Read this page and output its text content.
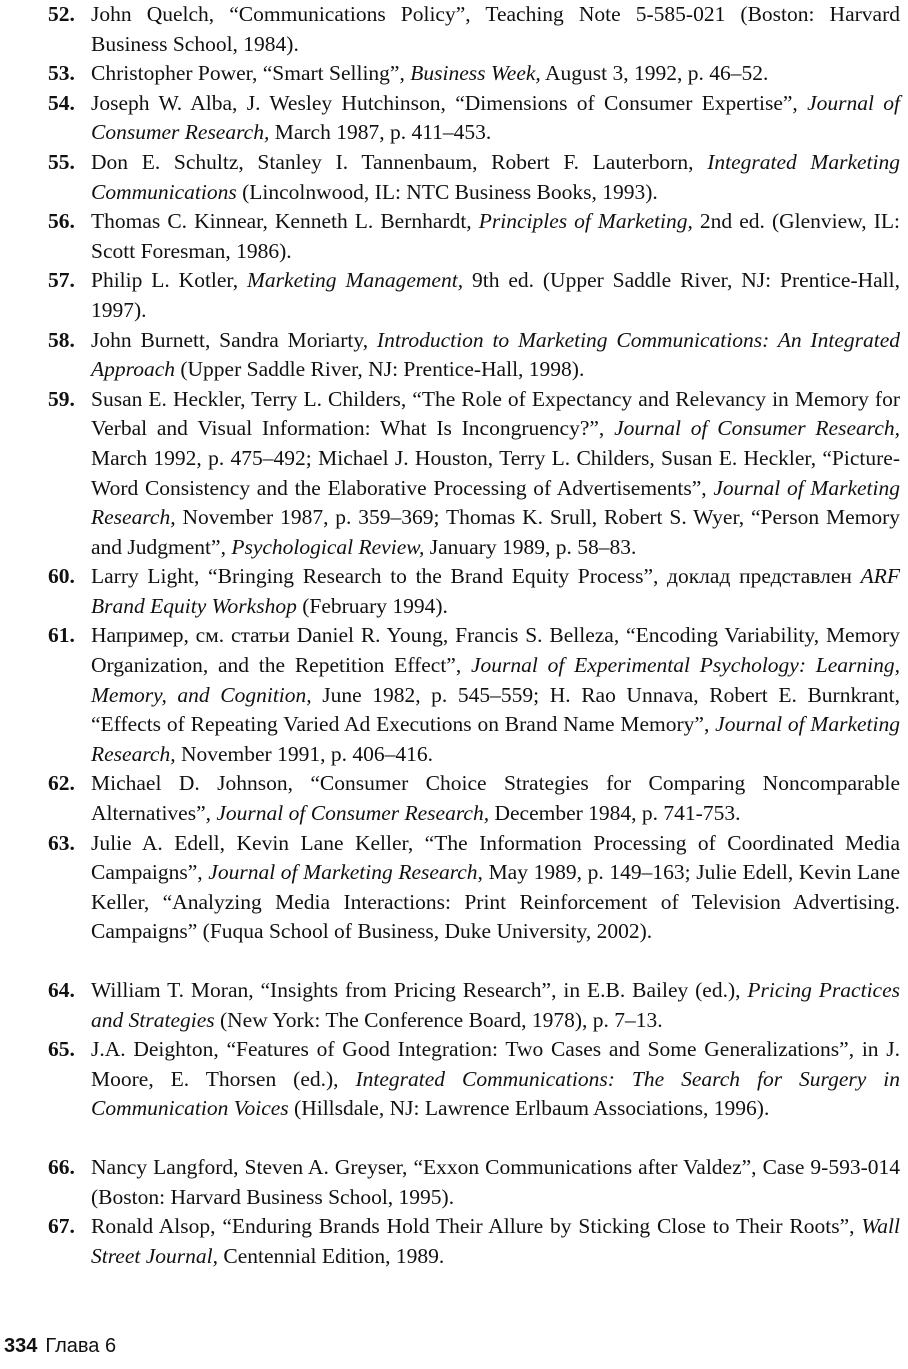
52. John Quelch, “Communications Policy”, Teaching Note 5-585-021 (Boston: Harvard Business School, 1984).
53. Christopher Power, “Smart Selling”, Business Week, August 3, 1992, p. 46–52.
54. Joseph W. Alba, J. Wesley Hutchinson, “Dimensions of Consumer Expertise”, Journal of Consumer Research, March 1987, p. 411–453.
55. Don E. Schultz, Stanley I. Tannenbaum, Robert F. Lauterborn, Integrated Marketing Communications (Lincolnwood, IL: NTC Business Books, 1993).
56. Thomas C. Kinnear, Kenneth L. Bernhardt, Principles of Marketing, 2nd ed. (Glenview, IL: Scott Foresman, 1986).
57. Philip L. Kotler, Marketing Management, 9th ed. (Upper Saddle River, NJ: Prentice-Hall, 1997).
58. John Burnett, Sandra Moriarty, Introduction to Marketing Communications: An Integrated Approach (Upper Saddle River, NJ: Prentice-Hall, 1998).
59. Susan E. Heckler, Terry L. Childers, “The Role of Expectancy and Relevancy in Memory for Verbal and Visual Information: What Is Incongruency?”, Journal of Consumer Research, March 1992, p. 475–492; Michael J. Houston, Terry L. Childers, Susan E. Heckler, “Picture-Word Consistency and the Elaborative Processing of Advertisements”, Journal of Marketing Research, November 1987, p. 359–369; Thomas K. Srull, Robert S. Wyer, “Person Memory and Judgment”, Psychological Review, January 1989, p. 58–83.
60. Larry Light, “Bringing Research to the Brand Equity Process”, доклад представлен ARF Brand Equity Workshop (February 1994).
61. Например, см. статьи Daniel R. Young, Francis S. Belleza, “Encoding Variability, Memory Organization, and the Repetition Effect”, Journal of Experimental Psychology: Learning, Memory, and Cognition, June 1982, p. 545–559; H. Rao Unnava, Robert E. Burnkrant, “Effects of Repeating Varied Ad Executions on Brand Name Memory”, Journal of Marketing Research, November 1991, p. 406–416.
62. Michael D. Johnson, “Consumer Choice Strategies for Comparing Noncomparable Alternatives”, Journal of Consumer Research, December 1984, p. 741-753.
63. Julie A. Edell, Kevin Lane Keller, “The Information Processing of Coordinated Media Campaigns”, Journal of Marketing Research, May 1989, p. 149–163; Julie Edell, Kevin Lane Keller, “Analyzing Media Interactions: Print Reinforcement of Television Advertising. Campaigns” (Fuqua School of Business, Duke University, 2002).
64. William T. Moran, “Insights from Pricing Research”, in E.B. Bailey (ed.), Pricing Practices and Strategies (New York: The Conference Board, 1978), p. 7–13.
65. J.A. Deighton, “Features of Good Integration: Two Cases and Some Generalizations”, in J. Moore, E. Thorsen (ed.), Integrated Communications: The Search for Surgery in Communication Voices (Hillsdale, NJ: Lawrence Erlbaum Associations, 1996).
66. Nancy Langford, Steven A. Greyser, “Exxon Communications after Valdez”, Case 9-593-014 (Boston: Harvard Business School, 1995).
67. Ronald Alsop, “Enduring Brands Hold Their Allure by Sticking Close to Their Roots”, Wall Street Journal, Centennial Edition, 1989.
334 Глава 6
